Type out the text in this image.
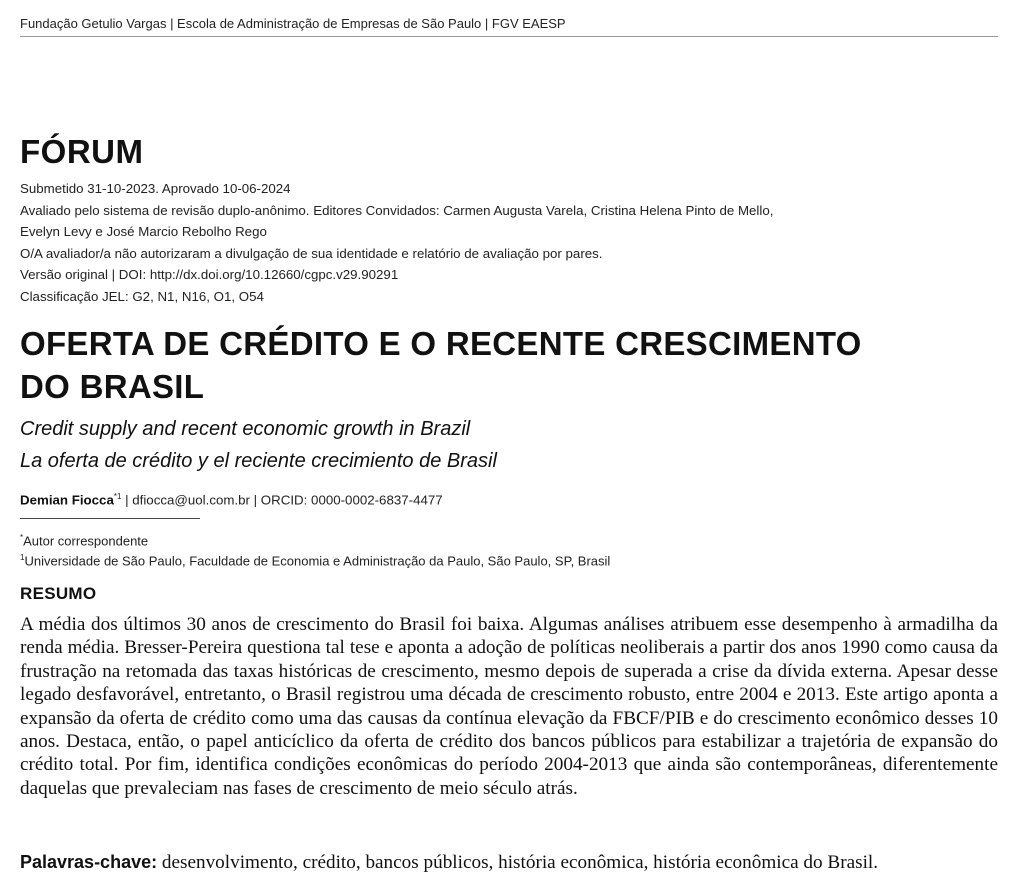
Fundação Getulio Vargas | Escola de Administração de Empresas de São Paulo | FGV EAESP
FÓRUM
Submetido 31-10-2023. Aprovado 10-06-2024
Avaliado pelo sistema de revisão duplo-anônimo. Editores Convidados: Carmen Augusta Varela, Cristina Helena Pinto de Mello,
Evelyn Levy e José Marcio Rebolho Rego
O/A avaliador/a não autorizaram a divulgação de sua identidade e relatório de avaliação por pares.
Versão original | DOI: http://dx.doi.org/10.12660/cgpc.v29.90291
Classificação JEL: G2, N1, N16, O1, O54
OFERTA DE CRÉDITO E O RECENTE CRESCIMENTO
DO BRASIL
Credit supply and recent economic growth in Brazil
La oferta de crédito y el reciente crecimiento de Brasil
Demian Fiocca$^{*1}$ | dfiocca@uol.com.br | ORCID: 0000-0002-6837-4477
*Autor correspondente
$^1$Universidade de São Paulo, Faculdade de Economia e Administração da Paulo, São Paulo, SP, Brasil
RESUMO
A média dos últimos 30 anos de crescimento do Brasil foi baixa. Algumas análises atribuem esse desempenho à armadilha da renda média. Bresser-Pereira questiona tal tese e aponta a adoção de políticas neoliberais a partir dos anos 1990 como causa da frustração na retomada das taxas históricas de crescimento, mesmo depois de superada a crise da dívida externa. Apesar desse legado desfavorável, entretanto, o Brasil registrou uma década de crescimento robusto, entre 2004 e 2013. Este artigo aponta a expansão da oferta de crédito como uma das causas da contínua elevação da FBCF/PIB e do crescimento econômico desses 10 anos. Destaca, então, o papel anticíclico da oferta de crédito dos bancos públicos para estabilizar a trajetória de expansão do crédito total. Por fim, identifica condições econômicas do período 2004-2013 que ainda são contemporâneas, diferentemente daquelas que prevaleciam nas fases de crescimento de meio século atrás.
Palavras-chave: desenvolvimento, crédito, bancos públicos, história econômica, história econômica do Brasil.
